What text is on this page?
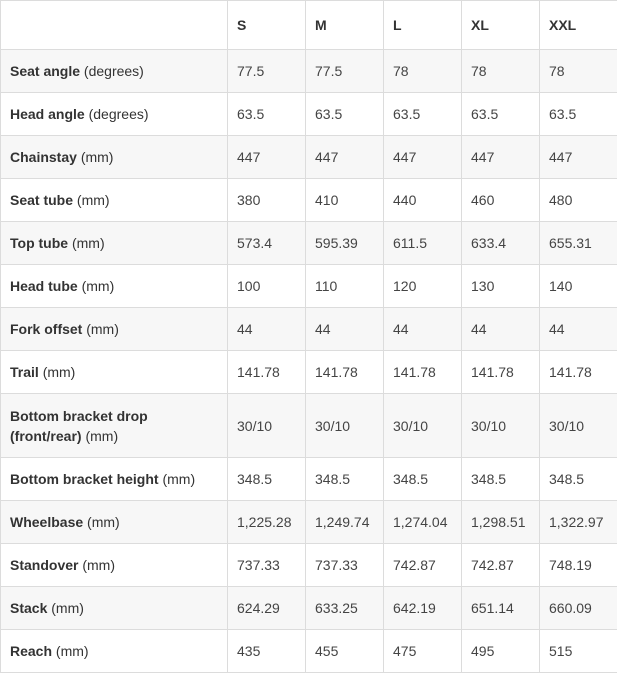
	S	M	L	XL	XXL
Seat angle (degrees)	77.5	77.5	78	78	78
Head angle (degrees)	63.5	63.5	63.5	63.5	63.5
Chainstay (mm)	447	447	447	447	447
Seat tube (mm)	380	410	440	460	480
Top tube (mm)	573.4	595.39	611.5	633.4	655.31
Head tube (mm)	100	110	120	130	140
Fork offset (mm)	44	44	44	44	44
Trail (mm)	141.78	141.78	141.78	141.78	141.78
Bottom bracket drop (front/rear) (mm)	30/10	30/10	30/10	30/10	30/10
Bottom bracket height (mm)	348.5	348.5	348.5	348.5	348.5
Wheelbase (mm)	1,225.28	1,249.74	1,274.04	1,298.51	1,322.97
Standover (mm)	737.33	737.33	742.87	742.87	748.19
Stack (mm)	624.29	633.25	642.19	651.14	660.09
Reach (mm)	435	455	475	495	515
